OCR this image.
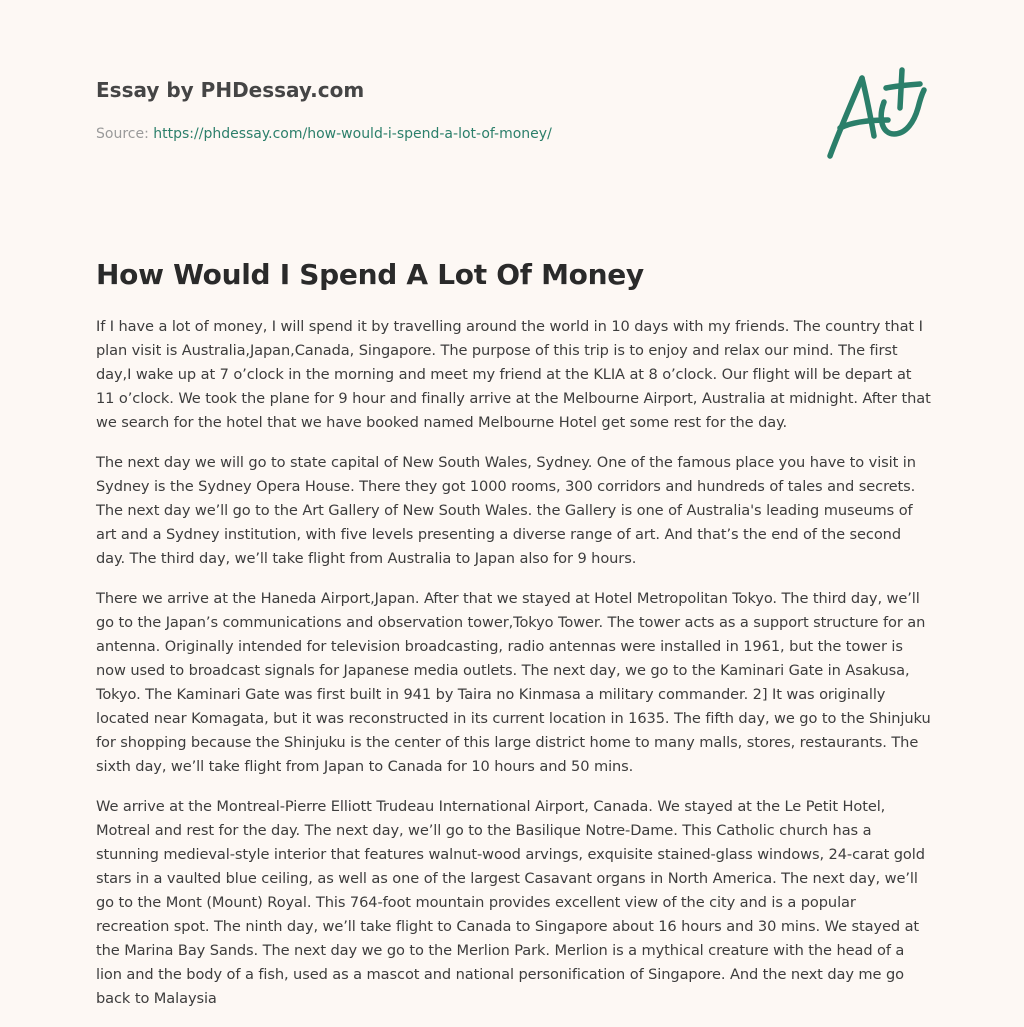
Essay by PHDessay.com
Source: https://phdessay.com/how-would-i-spend-a-lot-of-money/
How Would I Spend A Lot Of Money

If I have a lot of money, I will spend it by travelling around the world in 10 days with my friends. The country that I plan visit is Australia,Japan,Canada, Singapore. The purpose of this trip is to enjoy and relax our mind. The first day,I wake up at 7 o’clock in the morning and meet my friend at the KLIA at 8 o’clock. Our flight will be depart at 11 o’clock. We took the plane for 9 hour and finally arrive at the Melbourne Airport, Australia at midnight. After that we search for the hotel that we have booked named Melbourne Hotel get some rest for the day.

The next day we will go to state capital of New South Wales, Sydney. One of the famous place you have to visit in Sydney is the Sydney Opera House. There they got 1000 rooms, 300 corridors and hundreds of tales and secrets. The next day we’ll go to the Art Gallery of New South Wales. the Gallery is one of Australia's leading museums of art and a Sydney institution, with five levels presenting a diverse range of art. And that’s the end of the second day. The third day, we’ll take flight from Australia to Japan also for 9 hours.

There we arrive at the Haneda Airport,Japan. After that we stayed at Hotel Metropolitan Tokyo. The third day, we’ll go to the Japan’s communications and observation tower,Tokyo Tower. The tower acts as a support structure for an antenna. Originally intended for television broadcasting, radio antennas were installed in 1961, but the tower is now used to broadcast signals for Japanese media outlets. The next day, we go to the Kaminari Gate in Asakusa, Tokyo. The Kaminari Gate was first built in 941 by Taira no Kinmasa a military commander. 2] It was originally located near Komagata, but it was reconstructed in its current location in 1635. The fifth day, we go to the Shinjuku for shopping because the Shinjuku is the center of this large district home to many malls, stores, restaurants. The sixth day, we’ll take flight from Japan to Canada for 10 hours and 50 mins.

We arrive at the Montreal-Pierre Elliott Trudeau International Airport, Canada. We stayed at the Le Petit Hotel, Motreal and rest for the day. The next day, we’ll go to the Basilique Notre-Dame. This Catholic church has a stunning medieval-style interior that features walnut-wood arvings, exquisite stained-glass windows, 24-carat gold stars in a vaulted blue ceiling, as well as one of the largest Casavant organs in North America. The next day, we’ll go to the Mont (Mount) Royal. This 764-foot mountain provides excellent view of the city and is a popular recreation spot. The ninth day, we’ll take flight to Canada to Singapore about 16 hours and 30 mins. We stayed at the Marina Bay Sands. The next day we go to the Merlion Park. Merlion is a mythical creature with the head of a lion and the body of a fish, used as a mascot and national personification of Singapore. And the next day me go back to Malaysia
